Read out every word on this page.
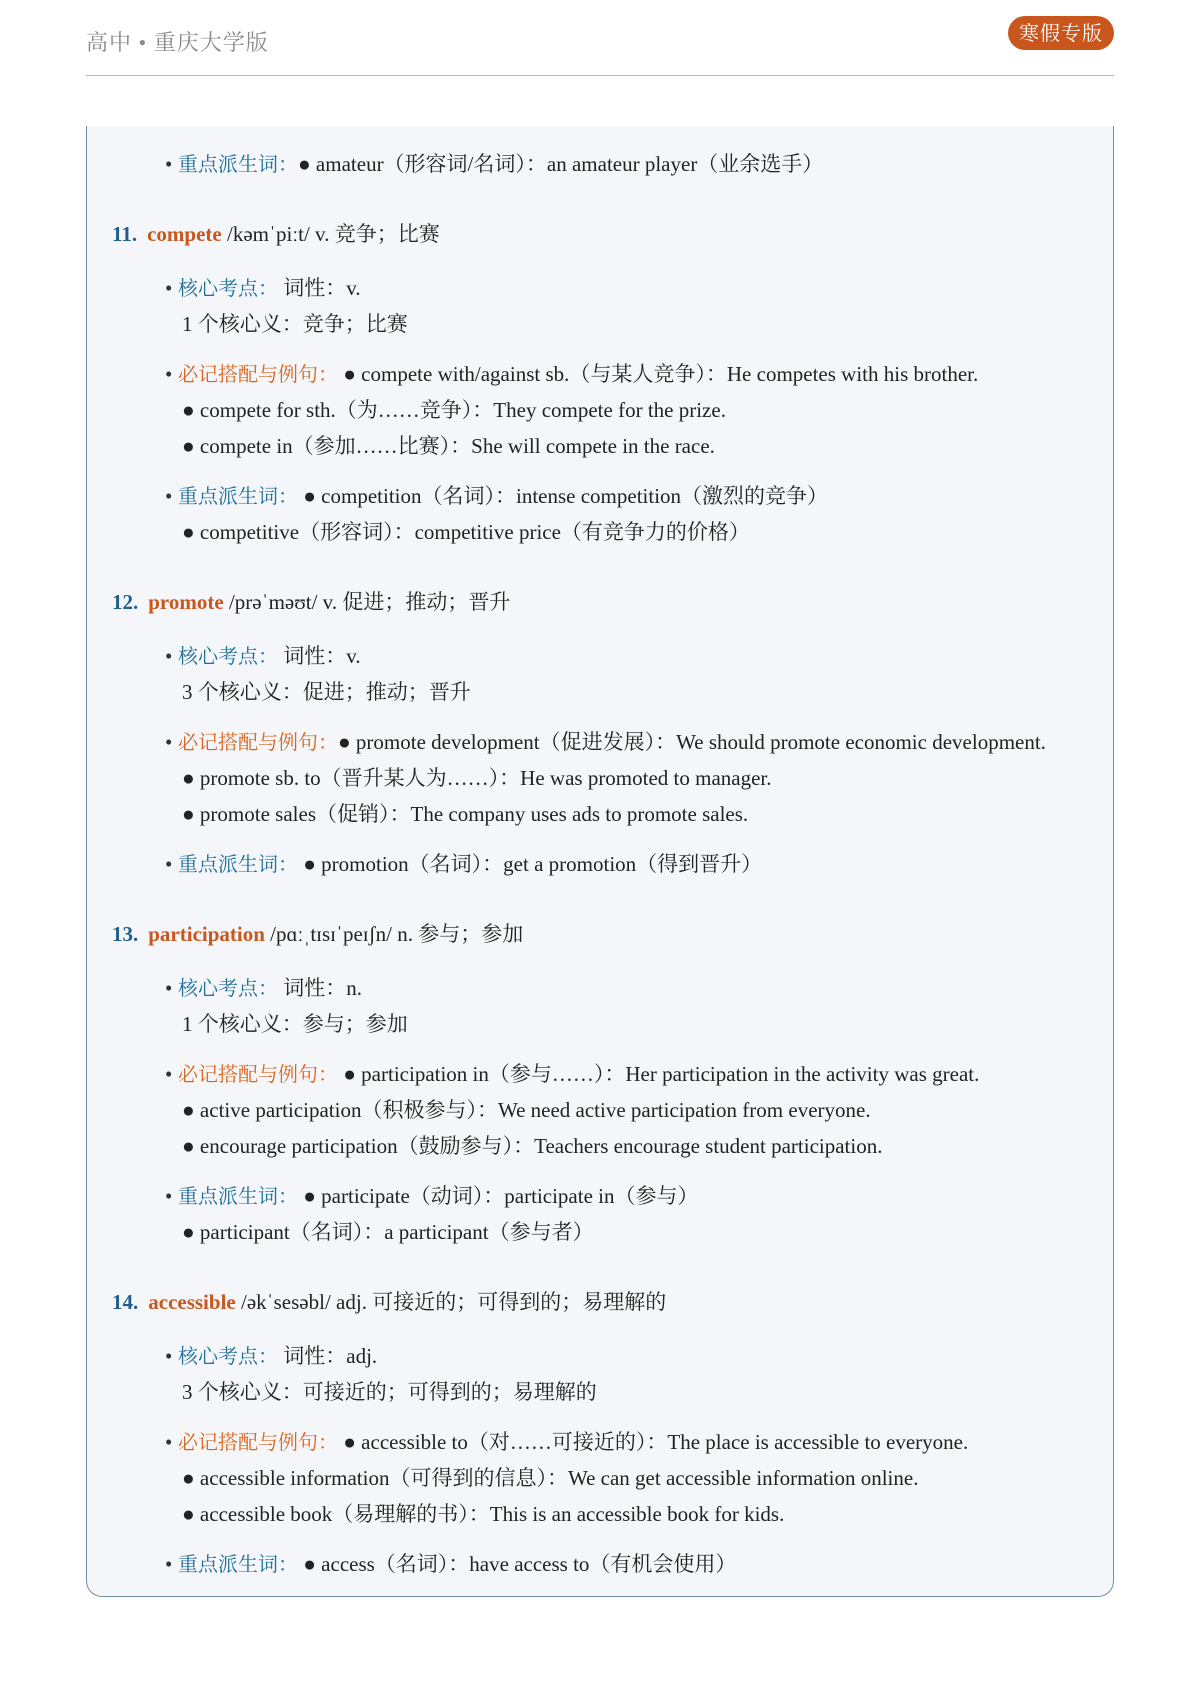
高中 • 重庆大学版	寒假专版
• 重点派生词：● amateur（形容词/名词）：an amateur player（业余选手）
11. compete /kəmˈpiːt/ v. 竞争；比赛
• 核心考点： 词性：v.
1 个核心义：竞争；比赛
• 必记搭配与例句： ● compete with/against sb.（与某人竞争）：He competes with his brother.
● compete for sth.（为……竞争）：They compete for the prize.
● compete in（参加……比赛）：She will compete in the race.
• 重点派生词： ● competition（名词）：intense competition（激烈的竞争）
● competitive（形容词）：competitive price（有竞争力的价格）
12. promote /prəˈməʊt/ v. 促进；推动；晋升
• 核心考点： 词性：v.
3 个核心义：促进；推动；晋升
• 必记搭配与例句：● promote development（促进发展）：We should promote economic development.
● promote sb. to（晋升某人为……）：He was promoted to manager.
● promote sales（促销）：The company uses ads to promote sales.
• 重点派生词： ● promotion（名词）：get a promotion（得到晋升）
13. participation /pɑːˌtɪsɪˈpeɪʃn/ n. 参与；参加
• 核心考点： 词性：n.
1 个核心义：参与；参加
• 必记搭配与例句： ● participation in（参与……）：Her participation in the activity was great.
● active participation（积极参与）：We need active participation from everyone.
● encourage participation（鼓励参与）：Teachers encourage student participation.
• 重点派生词： ● participate（动词）：participate in（参与）
● participant（名词）：a participant（参与者）
14. accessible /əkˈsesəbl/ adj. 可接近的；可得到的；易理解的
• 核心考点： 词性：adj.
3 个核心义：可接近的；可得到的；易理解的
• 必记搭配与例句： ● accessible to（对……可接近的）：The place is accessible to everyone.
● accessible information（可得到的信息）：We can get accessible information online.
● accessible book（易理解的书）：This is an accessible book for kids.
• 重点派生词： ● access（名词）：have access to（有机会使用）
